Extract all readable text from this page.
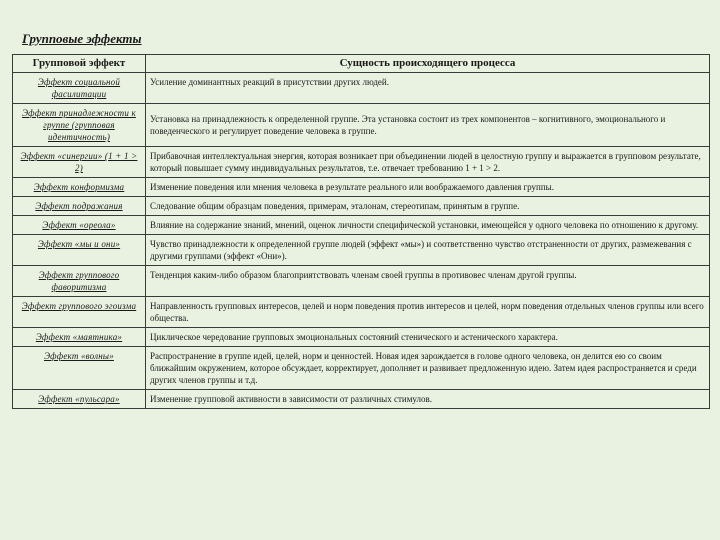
Групповые эффекты
Групповой эффект	Сущность происходящего процесса
Эффект социальной фасилитации	Усиление доминантных реакций в присутствии других людей.
Эффект принадлежности к группе (групповая идентичность)	Установка на принадлежность к определенной группе. Эта установка состоит из трех компонентов – когнитивного, эмоционального и поведенческого и регулирует поведение человека в группе.
Эффект «синергии» (1 + 1 > 2)	Прибавочная интеллектуальная энергия, которая возникает при объединении людей в целостную группу и выражается в групповом результате, который повышает сумму индивидуальных результатов, т.е. отвечает требованию 1 + 1 > 2.
Эффект конформизма	Изменение поведения или мнения человека в результате реального или воображаемого давления группы.
Эффект подражания	Следование общим образцам поведения, примерам, эталонам, стереотипам, принятым в группе.
Эффект «ореола»	Влияние на содержание знаний, мнений, оценок личности специфической установки, имеющейся у одного человека по отношению к другому.
Эффект «мы и они»	Чувство принадлежности к определенной группе людей (эффект «мы») и соответственно чувство отстраненности от других, размежевания с другими группами (эффект «Они»).
Эффект группового фаворитизма	Тенденция каким-либо образом благоприятствовать членам своей группы в противовес членам другой группы.
Эффект группового эгоизма	Направленность групповых интересов, целей и норм поведения против интересов и целей, норм поведения отдельных членов группы или всего общества.
Эффект «маятника»	Циклическое чередование групповых эмоциональных состояний стенического и астенического характера.
Эффект «волны»	Распространение в группе идей, целей, норм и ценностей. Новая идея зарождается в голове одного человека, он делится ею со своим ближайшим окружением, которое обсуждает, корректирует, дополняет и развивает предложенную идею. Затем идея распространяется и среди других членов группы и т.д.
Эффект «пульсара»	Изменение групповой активности в зависимости от различных стимулов.
